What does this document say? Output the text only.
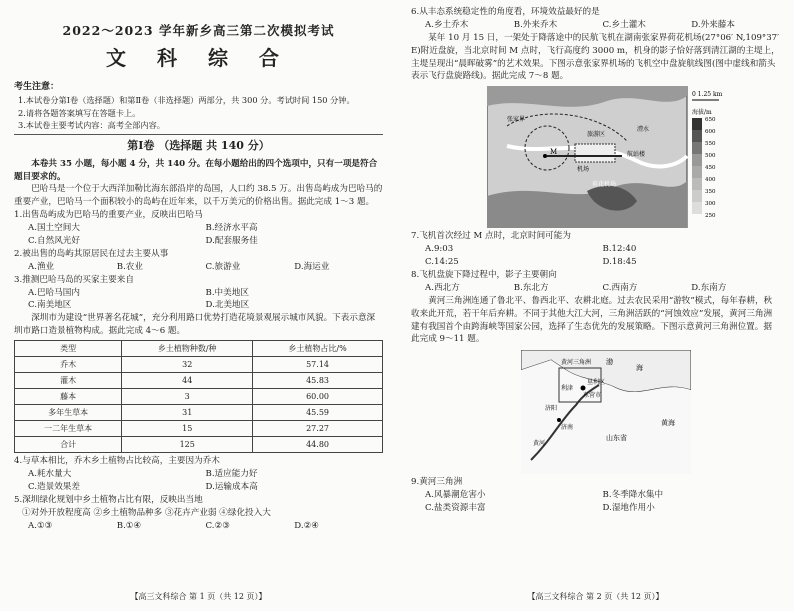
2022～2023 学年新乡高三第二次模拟考试

文 科 综 合

考生注意：

1.本试卷分第Ⅰ卷（选择题）和第Ⅱ卷（非选择题）两部分，共 300 分。考试时间 150 分钟。

2.请将各题答案填写在答题卡上。

3.本试卷主要考试内容：高考全部内容。

第Ⅰ卷 （选择题 共 140 分）

本卷共 35 小题，每小题 4 分，共 140 分。在每小题给出的四个选项中，只有一项是符合题目要求的。

巴哈马是一个位于大西洋加勒比海东部沿岸的岛国，人口约 38.5 万。出售岛屿成为巴哈马的重要产业，巴哈马一个面积较小的岛屿在近年来，以千万美元的价格出售。据此完成 1～3 题。

1.出售岛屿成为巴哈马的重要产业，反映出巴哈马

A.国土空间大	B.经济水平高
C.自然风光好	D.配套服务佳

2.被出售的岛屿其原居民在过去主要从事

A.渔业	B.农业	C.旅游业	D.海运业

3.推测巴哈马岛的买家主要来自

A.巴哈马国内	B.中美地区
C.南美地区	D.北美地区

深圳市为建设“世界著名花城”，充分利用路口优势打造花境景观展示城市风貌。下表示意深圳市路口造景植物构成。据此完成 4～6 题。

类型	乡土植物种数/种	乡土植物占比/%
乔木	32	57.14
灌木	44	45.83
藤本	3	60.00
多年生草本	31	45.59
一二年生草本	15	27.27
合计	125	44.80

4.与草本相比，乔木乡土植物占比较高，主要因为乔木

A.耗水量大	B.适应能力好
C.造景效果差	D.运输成本高

5.深圳绿化规划中乡土植物占比有限，反映出当地

①对外开放程度高 ②乡土植物品种多 ③花卉产业弱 ④绿化投入大

A.①③	B.①④	C.②③	D.②④
【高三文科综合 第 1 页（共 12 页）】

6.从丰态系统稳定性的角度看，环境效益最好的是

A.乡土乔木	B.外来乔木	C.乡土灌木	D.外来藤本

某年 10 月 15 日，一架处于降落途中的民航飞机在湖南张家界荷花机场(27°06′ N,109°37′ E)附近盘旋，当北京时间 M 点时，飞行高度约 3000 m，机身的影子恰好落到清江湖的主堤上，主堤呈现出“晨晖破雾”的艺术效果。下图示意张家界机场的飞机空中盘旋航线图(图中虚线和箭头表示飞行盘旋路线)。据此完成 7～8 题。

M
张家界
机场
旅游区
航站楼
荷花机场
澧水
0 1.25 km
海拔/m
650
600
550
500
450
400
350
300
250

7.飞机首次经过 M 点时，北京时间可能为

A.9:03	B.12:40
C.14:25	D.18:45

8.飞机盘旋下降过程中，影子主要朝向

A.西北方	B.东北方	C.西南方	D.东南方

黄河三角洲连通了鲁北平、鲁西北平、农耕北庭。过去农民采用“游牧”模式，每年春耕，秋收来此开荒，若干年后弃耕。不同于其他大江大河，三角洲活跃的“河蚀效应”发展，黄河三角洲建有我国首个由跨海峡等国家公园，选择了生态优先的发展策略。下图示意黄河三角洲位置。据此完成 9～11 题。

渤
海
东营市
利津
垦利区
黄海
山东省
济南
黄河
济阳
黄河三角洲

9.黄河三角洲

A.风暴潮危害小	B.冬季降水集中
C.盐类资源丰富	D.湿地作用小
【高三文科综合 第 2 页（共 12 页）】
